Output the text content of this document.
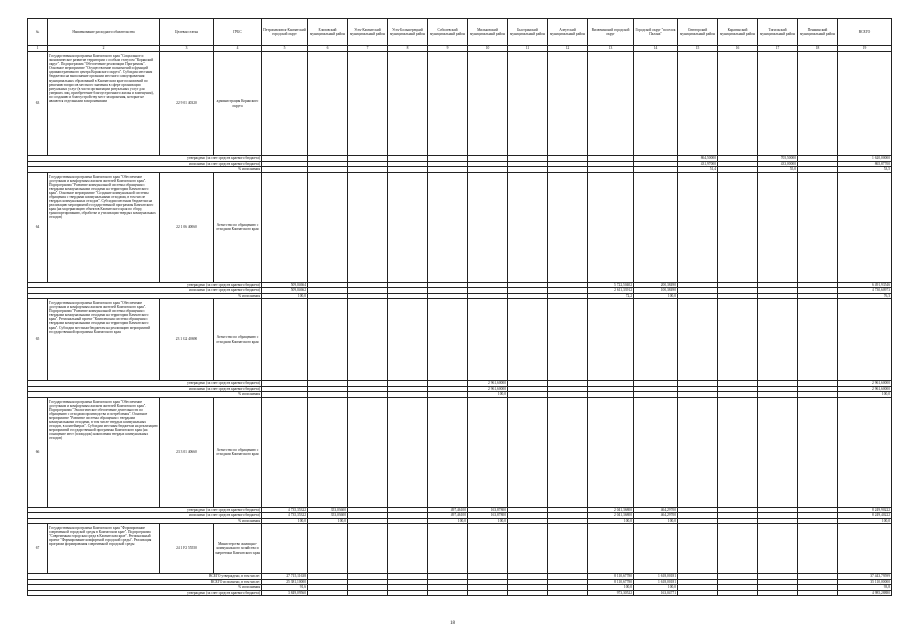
№	Наименование расходного обязательства	Целевая статья	ГРБС	Петропавловск-Камчатский городской округ	Елизовский муниципальный район	Усть-Камчатский муниципальный район	Усть-Большерецкий муниципальный район	Соболевский муниципальный район	Мильковский муниципальный район	Быстринский муниципальный район	Алеутский муниципальный район	Вилючинский городской округ	Городской округ "поселок Палана"	Олюторский муниципальный район	Карагинский муниципальный район	Тигильский муниципальный район	Пенжинский муниципальный район	ВСЕГО
1	2	3	4	5	6	7	8	9	10	11	12	13	14	15	16	17	18	19
63	Государственная программа Камчатского края "Социальное и экономическое развитие территории с особым статусом "Корякский округ". Подпрограмма "Обеспечение реализации Программы". Основное мероприятие "Осуществление полномочий и функций административного центра Корякского округа". Субсидия местным бюджетам на выполнение органами местного самоуправления муниципальных образований в Камчатском крае полномочий по решению вопросов местного значения в сфере организации ритуальных услуг (в части организации ритуальных услуг для умерших лиц, приобретение благоустроенного жилья и замещения), по созданию и благоустройству мест захоронения, которые не являются отдельными захоронениями	22 9 01 40320	администрация Корякского округа															
утверждено (за счет средств краевого бюджета)														864,50000		705,50000		1 620,00000
исполнено (за счет средств краевого бюджета)														431,97000		433,00000		865,87700
% исполнения														51,4		55,0		53,5
64	Государственная программа Камчатского края "Обеспечение доступным и комфортным жильем жителей Камчатского края". Подпрограмма "Развитие коммунальной системы обращения с твердыми коммунальными отходами на территории Камчатского края". Основное мероприятие "Создание коммунальной системы обращения с твердыми коммунальными отходами, в том числе твердых коммунальных отходов". Субсидии местным бюджетам на реализацию мероприятий государственной программы Камчатского края (на модернизацию объектов Камчатского края по сбору, транспортированию, обработке и утилизации твердых коммунальных отходов)	22 1 06 40060	Агентство по обращению с отходами Камчатского края															
утверждено (за счет средств краевого бюджета)				509,04664								5 722,50402	200,38490					6 491,93546
исполнено (за счет средств краевого бюджета)				509,04662								2 611,33912	100,38490					4 730,60973
% исполнения				100,0								72,2	100,0					76,3
65	Государственная программа Камчатского края "Обеспечение доступным и комфортным жильем жителей Камчатского края". Подпрограмма "Развитие коммунальной системы обращения с твердыми коммунальными отходами на территории Камчатского края". Региональный проект "Комплексная система обращения с твердыми коммунальными отходами на территории Камчатского края". Субсидии местным бюджетам на реализацию мероприятий государственной программы Камчатского края	23 1 G2 40690	Агентство по обращению с отходами Камчатского края															
утверждено (за счет средств краевого бюджета)									2 961,60000									2 961,60000
исполнено (за счет средств краевого бюджета)									2 961,60000									2 961,60000
% исполнения									100,0									100,0
66	Государственная программа Камчатского края "Обеспечение доступным и комфортным жильем жителей Камчатского края". Подпрограмма "Экологическое обеспечение деятельности по обращению с отходами производства и потребления". Основное мероприятие "Развитие системы обращения с твердыми коммунальными отходами, в том числе твердых коммунальных отходов, в контейнерах". Субсидии местным бюджетам на реализацию мероприятий государственной программы Камчатского края (на оснащение мест (площадок) накопления твердых коммунальных отходов)	23 3 01 40660	Агентство по обращению с отходами Камчатского края															
утверждено (за счет средств краевого бюджета)				4 735,35322	353,03600			497,46100	163,87800			2 041,36800	464,29700					8 249,90222
исполнено (за счет средств краевого бюджета)				4 735,35322	353,03600			497,46100	163,87800			2 041,36800	464,29700					8 249,40222
% исполнения				100,0	100,0			100,0	100,0			100,0	100,0					100,0
67	Государственная программа Камчатского края "Формирование современной городской среды в Камчатском крае". Подпрограмма "Современная городская среда в Камчатском крае". Региональный проект "Формирование комфортной городской среды". Реализация программ формирования современной городской среды	24 1 F2 55550	Министерство жилищно-коммунального хозяйства и энергетики Камчатского края															
ВСЕГО утверждено, в том числе:				27 715,11638								8 110,67780	1 618,00181					37 443,79599
ВСЕГО исполнено, в том числе:				25 381,10000								8 110,67780	1 618,00181					35 110,00000
% исполнения				91,6								100,0	100,0					93,8
утверждено (за счет средств краевого бюджета)				3 849,09560								973,30522	163,04771					4 985,28880
18
